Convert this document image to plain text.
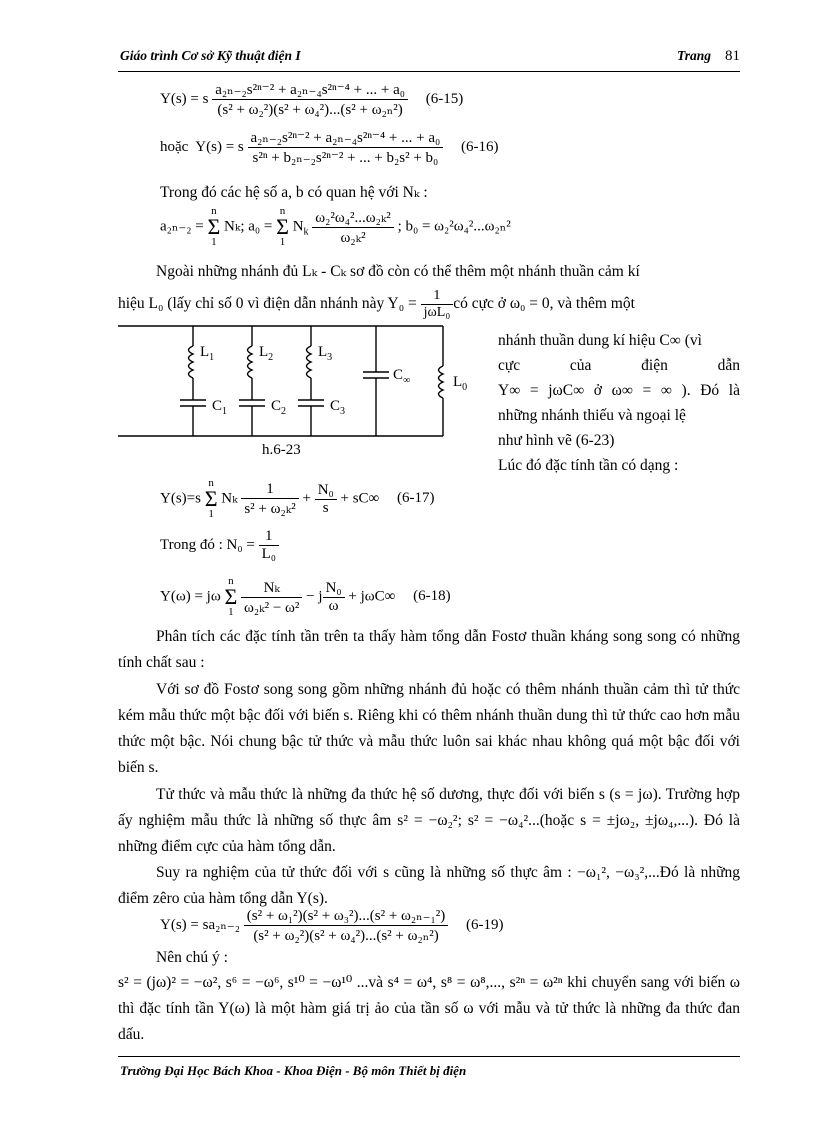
Giáo trình Cơ sở Kỹ thuật điện I	Trang 81
Y(s) = s $\frac{\text{a₂ₙ₋₂s²ⁿ⁻² + a₂ₙ₋₄s²ⁿ⁻⁴ + ... + a₀}}{\text{(s² + ω₂²)(s² + ω₄²)...(s² + ω₂ₙ²)}} (6-15)$
hoặc Y(s) = s $\frac{\text{a₂ₙ₋₂s²ⁿ⁻² + a₂ₙ₋₄s²ⁿ⁻⁴ + ... + a₀}}{\text{s²ⁿ + b₂ₙ₋₂s²ⁿ⁻² + ... + b₂s² + b₀}} (6-16)$
Trong đó các hệ số a, b có quan hệ với Nₖ :
a₂ₙ₋₂ = n
Σ
1 Nₖ; a₀ = n
Σ
1 $N_k \frac{\text{ω₂²ω₄²...ω₂ₖ²}}{\text{ω₂ₖ²}}$ ; b₀ = ω₂²ω₄²...ω₂ₙ²
Ngoài những nhánh đủ Lₖ - Cₖ sơ đồ còn có thể thêm một nhánh thuần cảm kí
hiệu L₀ (lấy chỉ số 0 vì điện dẫn nhánh này $Y_0 = \frac{1}{\text{jωL₀}}$ có cực ở ω₀ = 0, và thêm một
$L_1$	$L_2$	$L_3$
$C_1$	$C_2$	$C_3$
$C_\infty$	$L_0$
h.6-23
nhánh thuần dung kí hiệu C∞ (vì
cực của điện dẫn
Y∞ = jωC∞ ở ω∞ = ∞ ). Đó là
những nhánh thiếu và ngoại lệ
như hình vẽ (6-23)
Lúc đó đặc tính tần có dạng :
Y(s)=s n
Σ
1 Nₖ $\frac{1}{\text{s² + ω₂ₖ²}} + \frac{\text{N₀}}{s} + sC\infty$ (6-17)
Trong đó : $N_0 = \frac{1}{\text{L₀}}$
Y(ω) = jω n
Σ
$1 \frac{\text{Nₖ}}{\text{ω₂ₖ² − ω²}} - j \frac{\text{N₀}}{\omega} + j\omega C\infty$ (6-18)
Phân tích các đặc tính tần trên ta thấy hàm tổng dẫn Fostơ thuần kháng song song có những tính chất sau :
Với sơ đồ Fostơ song song gồm những nhánh đủ hoặc có thêm nhánh thuần cảm thì tử thức kém mẫu thức một bậc đối với biến s. Riêng khi có thêm nhánh thuần dung thì tử thức cao hơn mẫu thức một bậc. Nói chung bậc tử thức và mẫu thức luôn sai khác nhau không quá một bậc đối với biến s.
Tử thức và mẫu thức là những đa thức hệ số dương, thực đối với biến s (s = jω). Trường hợp ấy nghiệm mẫu thức là những số thực âm s² = −ω₂²; s² = −ω₄²...(hoặc s = ±jω₂, ±jω₄,...). Đó là những điểm cực của hàm tổng dẫn.
Suy ra nghiệm của tử thức đối với s cũng là những số thực âm : −ω₁², −ω₃²,...Đó là những điểm zêro của hàm tổng dẫn Y(s).
$Y(s) = sa_{2n-2} \frac{\text{(s² + ω₁²)(s² + ω₃²)...(s² + ω₂ₙ₋₁²)}}{\text{(s² + ω₂²)(s² + ω₄²)...(s² + ω₂ₙ²)}} (6-19)$
Nên chú ý :
s² = (jω)² = −ω², s⁶ = −ω⁶, s¹⁰ = −ω¹⁰ ...và s⁴ = ω⁴, s⁸ = ω⁸,..., s²ⁿ = ω²ⁿ khi chuyển sang với biến ω thì đặc tính tần Y(ω) là một hàm giá trị ảo của tần số ω với mẫu và tử thức là những đa thức đan dấu.
Trường Đại Học Bách Khoa - Khoa Điện - Bộ môn Thiết bị điện
